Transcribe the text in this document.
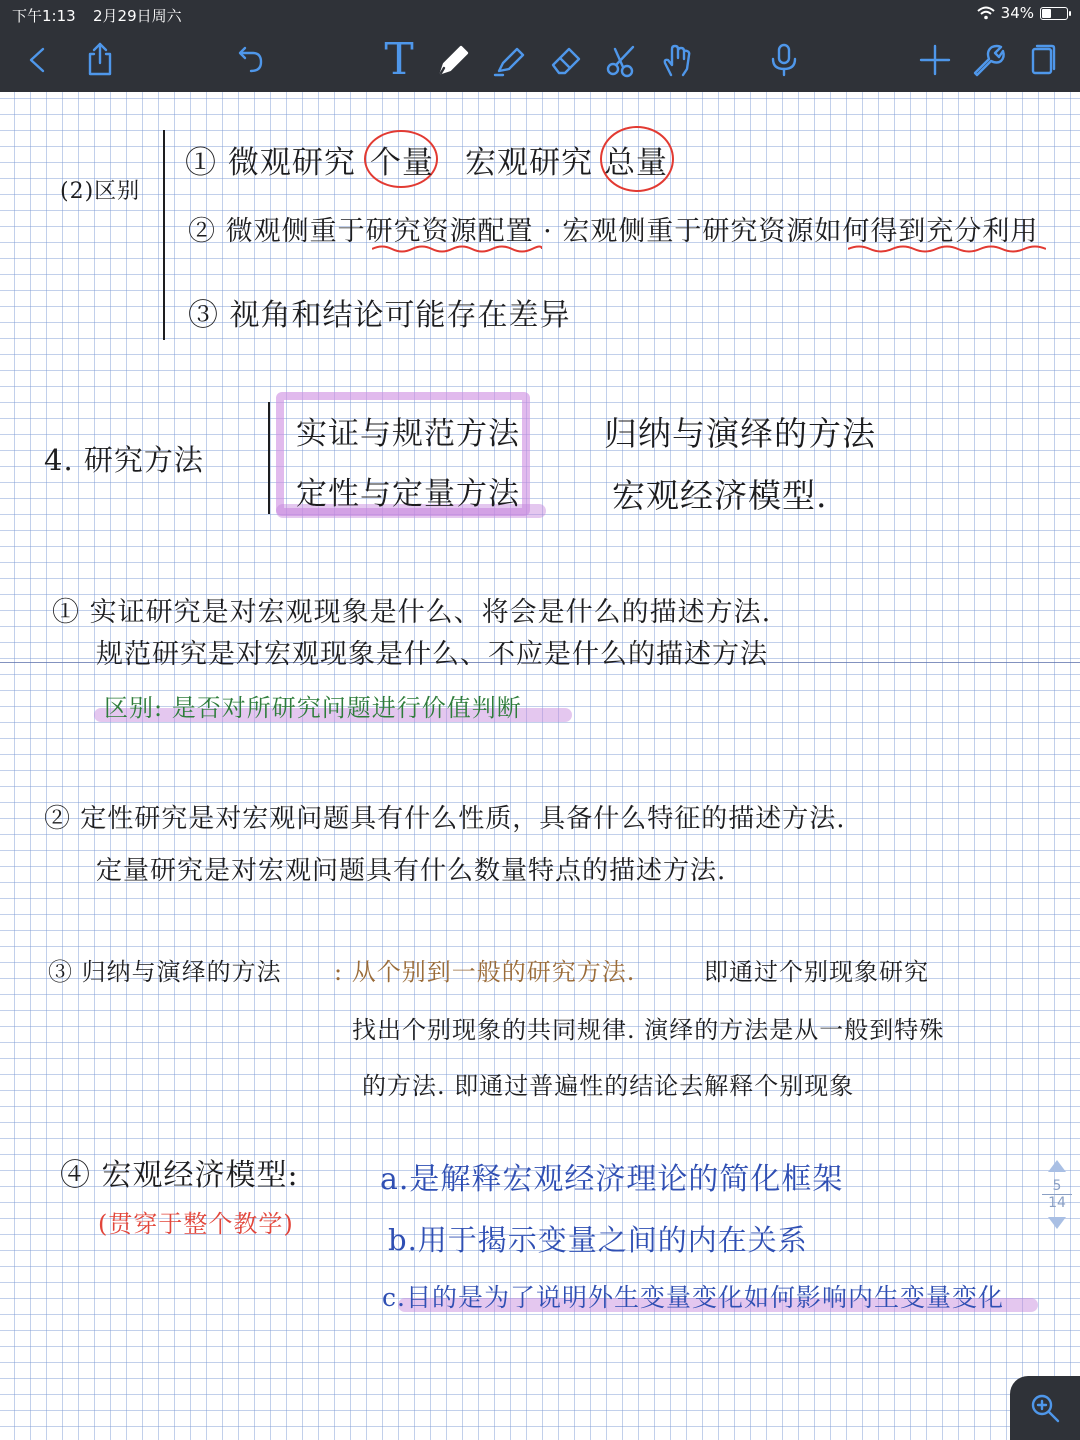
下午1:13 2月29日周六	34%
T
(2)区别
① 微观研究 个量 宏观研究 总量
② 微观侧重于研究资源配置 · 宏观侧重于研究资源如何得到充分利用
③ 视角和结论可能存在差异
4. 研究方法
实证与规范方法
定性与定量方法
归纳与演绎的方法
宏观经济模型.
① 实证研究是对宏观现象是什么、将会是什么的描述方法.
规范研究是对宏观现象是什么、不应是什么的描述方法
区别: 是否对所研究问题进行价值判断
② 定性研究是对宏观问题具有什么性质，具备什么特征的描述方法.
定量研究是对宏观问题具有什么数量特点的描述方法.
③ 归纳与演绎的方法 : 从个别到一般的研究方法.	即通过个别现象研究
找出个别现象的共同规律. 演绎的方法是从一般到特殊
的方法. 即通过普遍性的结论去解释个别现象
④ 宏观经济模型:
(贯穿于整个教学)
a.是解释宏观经济理论的简化框架
b.用于揭示变量之间的内在关系
c.目的是为了说明外生变量变化如何影响内生变量变化
5
14
